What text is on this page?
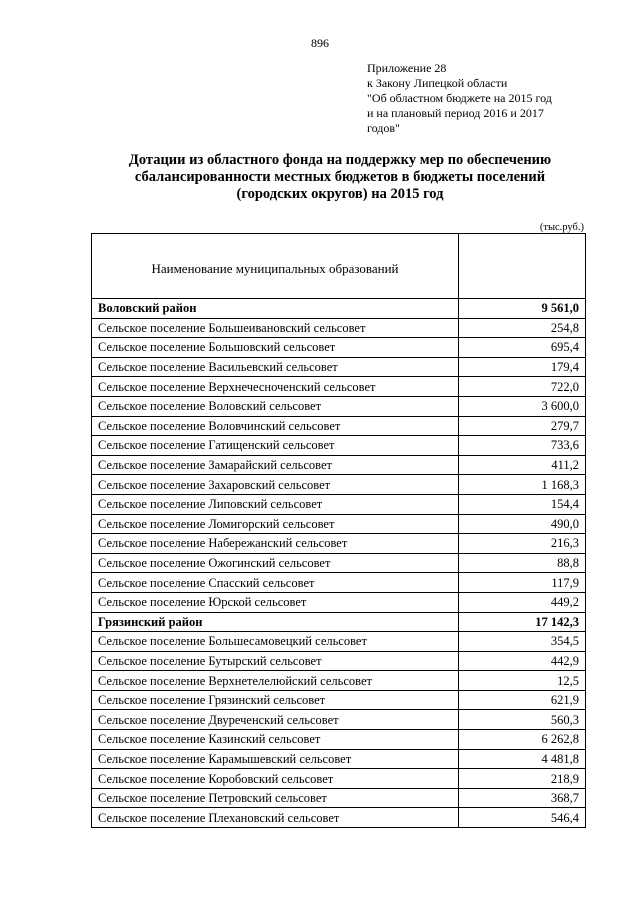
896
Приложение 28
к Закону Липецкой области
"Об областном бюджете на 2015 год
и на плановый период 2016 и 2017
годов"
Дотации из областного фонда на поддержку мер по обеспечению
сбалансированности местных бюджетов в бюджеты поселений
(городских округов) на 2015 год
(тыс.руб.)
Наименование муниципальных образований	
Воловский район	9 561,0
Сельское поселение Большеивановский сельсовет	254,8
Сельское поселение Большовский сельсовет	695,4
Сельское поселение Васильевский сельсовет	179,4
Сельское поселение Верхнечесноченский сельсовет	722,0
Сельское поселение Воловский сельсовет	3 600,0
Сельское поселение Воловчинский сельсовет	279,7
Сельское поселение Гатищенский сельсовет	733,6
Сельское поселение Замарайский сельсовет	411,2
Сельское поселение Захаровский сельсовет	1 168,3
Сельское поселение Липовский сельсовет	154,4
Сельское поселение Ломигорский сельсовет	490,0
Сельское поселение Набережанский сельсовет	216,3
Сельское поселение Ожогинский сельсовет	88,8
Сельское поселение Спасский сельсовет	117,9
Сельское поселение Юрской сельсовет	449,2
Грязинский район	17 142,3
Сельское поселение Большесамовецкий сельсовет	354,5
Сельское поселение Бутырский сельсовет	442,9
Сельское поселение Верхнетелелюйский сельсовет	12,5
Сельское поселение Грязинский сельсовет	621,9
Сельское поселение Двуреченский сельсовет	560,3
Сельское поселение Казинский сельсовет	6 262,8
Сельское поселение Карамышевский сельсовет	4 481,8
Сельское поселение Коробовский сельсовет	218,9
Сельское поселение Петровский сельсовет	368,7
Сельское поселение Плехановский сельсовет	546,4
